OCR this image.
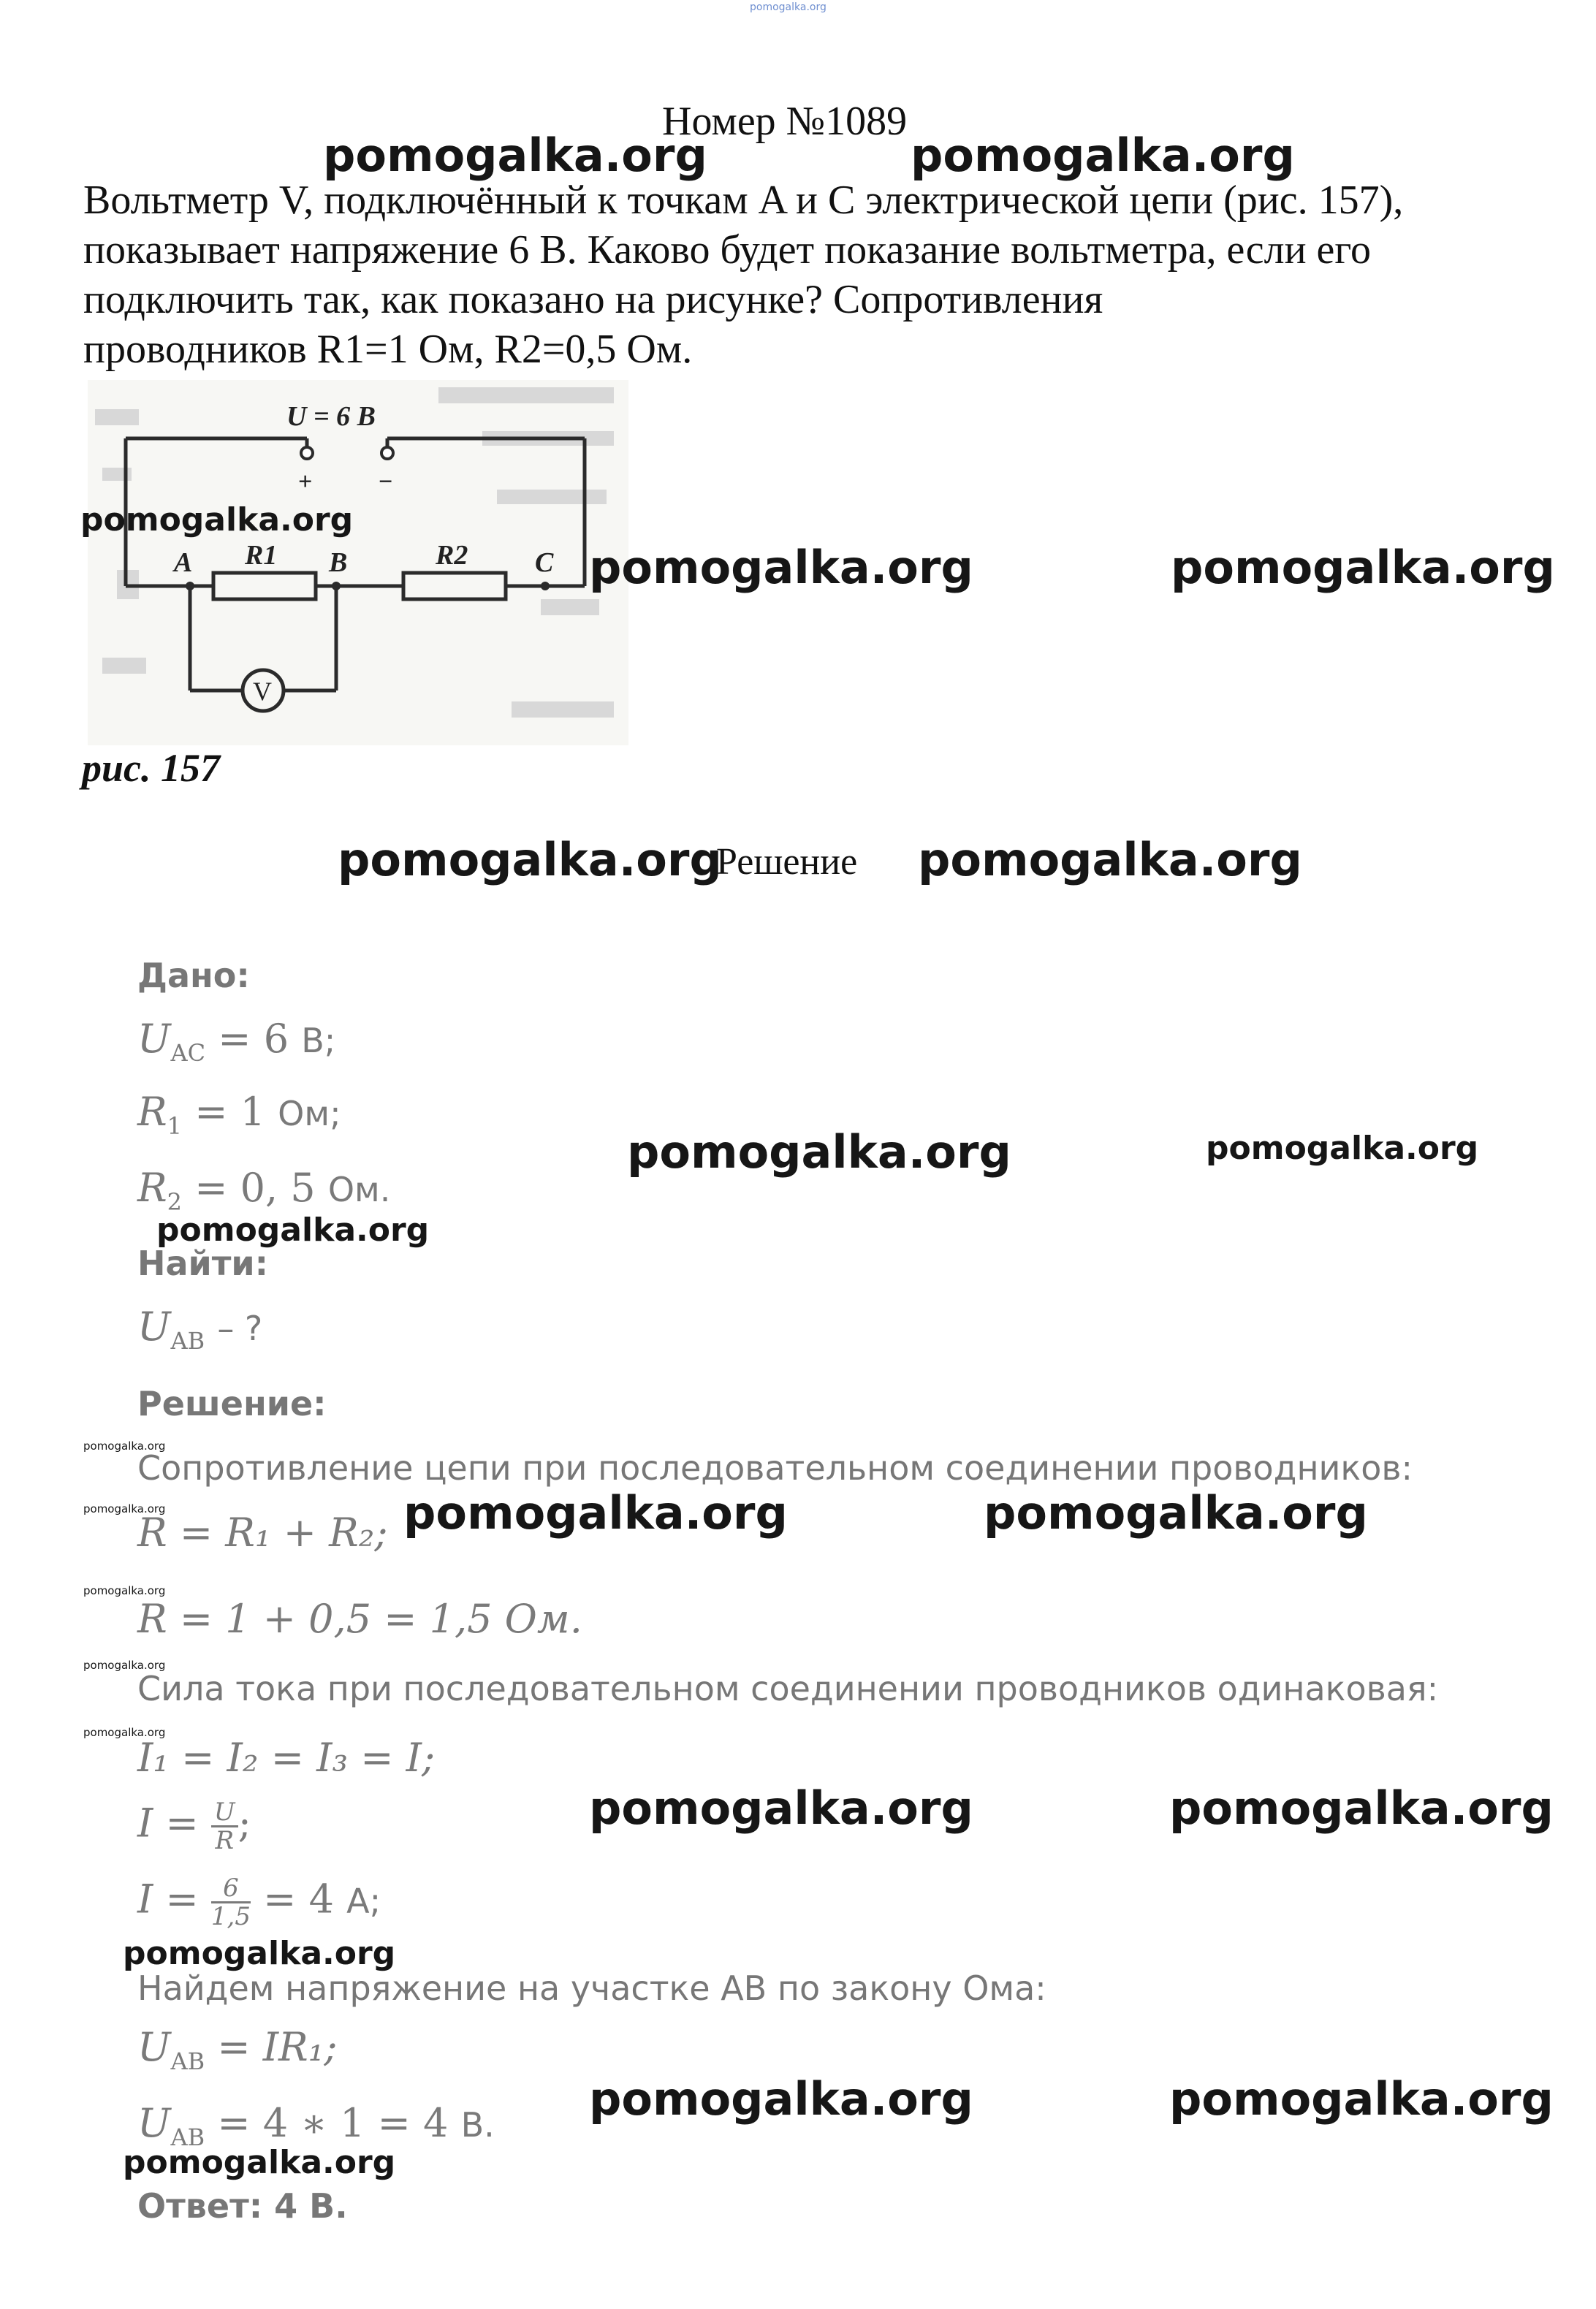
pomogalka.org
Номер №1089
pomogalka.org	pomogalka.org
Вольтметр V, подключённый к точкам A и C электрической цепи (рис. 157),
показывает напряжение 6 В. Каково будет показание вольтметра, если его
подключить так, как показано на рисунке? Сопротивления
проводников R1=1 Ом, R2=0,5 Ом.
U = 6 B
+	−
R1	R2
A	B	C
V
pomogalka.org
pomogalka.org	pomogalka.org
рис. 157
pomogalka.org
Решение pomogalka.org
Дано:
$U_{AC} = 6$ В;
$R_1 = 1$ Ом;
$R_2 = 0$, 5 Ом.
pomogalka.org	pomogalka.org
pomogalka.org
Найти:
$U_{AB}$ – ?
Решение:
pomogalka.org
Сопротивление цепи при последовательном соединении проводников:
pomogalka.org
R = R₁ + R₂; pomogalka.org	pomogalka.org
pomogalka.org
R = 1 + 0,5 = 1,5 Ом.
pomogalka.org
Сила тока при последовательном соединении проводников одинаковая:
pomogalka.org
I₁ = I₂ = I₃ = I;
$I = \frac{U}{R}$ ;	pomogalka.org	pomogalka.org
$I = \frac{6}{1,5} = 4$ А;
pomogalka.org
Найдем напряжение на участке AB по закону Ома:
$U_{AB} = IR_1$;
$U_{AB} = 4$ ∗ 1 = 4 В. pomogalka.org	pomogalka.org
pomogalka.org
Ответ: 4 В.
